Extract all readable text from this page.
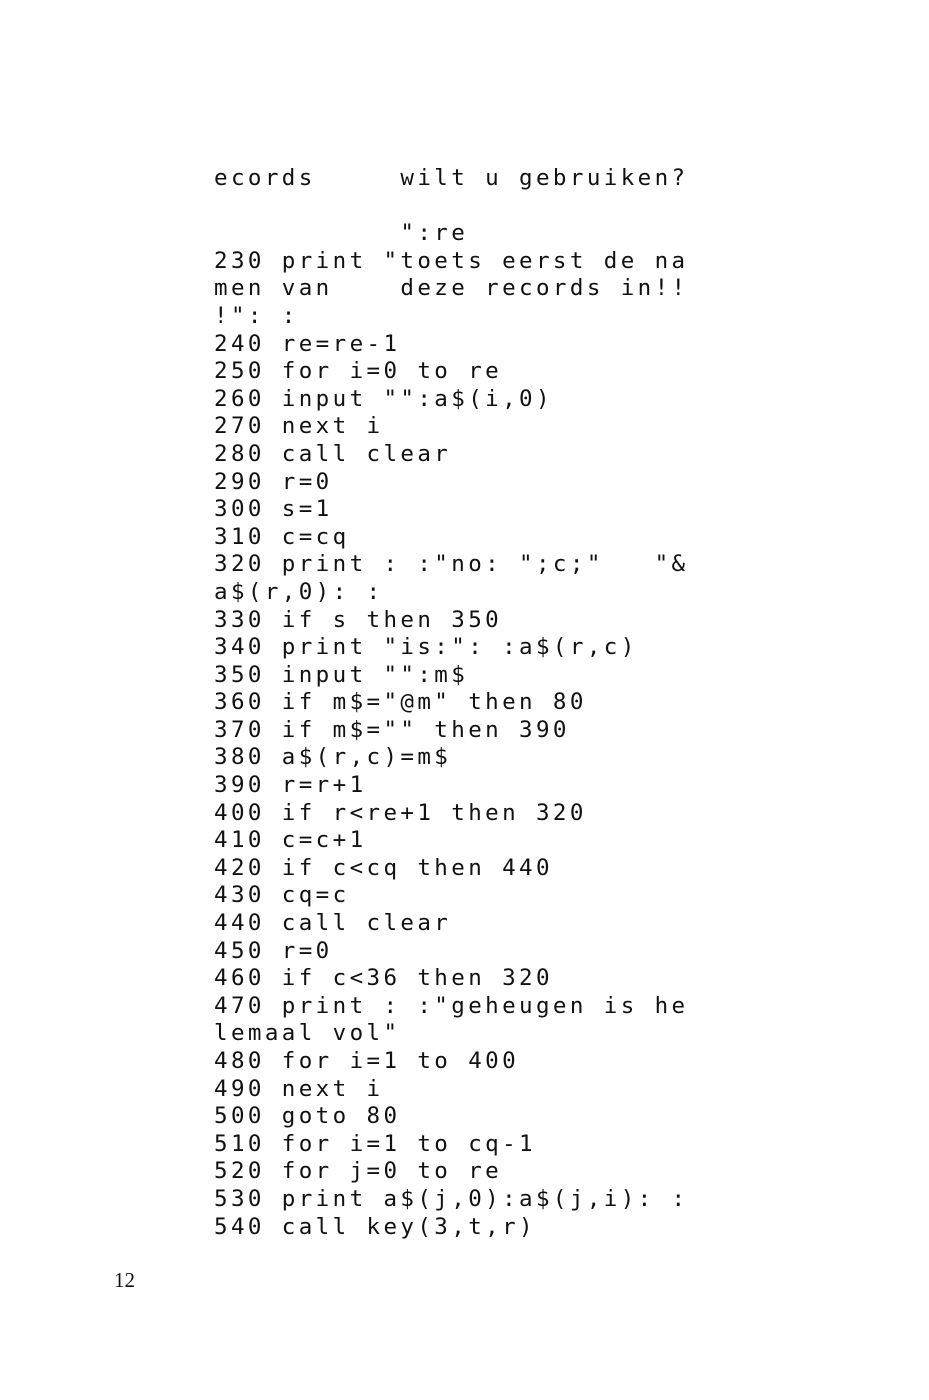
ecords     wilt u gebruiken?
":re
230 print "toets eerst de na
men van    deze records in!!
!": :
240 re=re-1
250 for i=0 to re
260 input "":a$(i,0)
270 next i
280 call clear
290 r=0
300 s=1
310 c=cq
320 print : :"no: ";c;"   "&
a$(r,0): :
330 if s then 350
340 print "is:": :a$(r,c)
350 input "":m$
360 if m$="@m" then 80
370 if m$="" then 390
380 a$(r,c)=m$
390 r=r+1
400 if r<re+1 then 320
410 c=c+1
420 if c<cq then 440
430 cq=c
440 call clear
450 r=0
460 if c<36 then 320
470 print : :"geheugen is he
lemaal vol"
480 for i=1 to 400
490 next i
500 goto 80
510 for i=1 to cq-1
520 for j=0 to re
530 print a$(j,0):a$(j,i): :
540 call key(3,t,r)
12
